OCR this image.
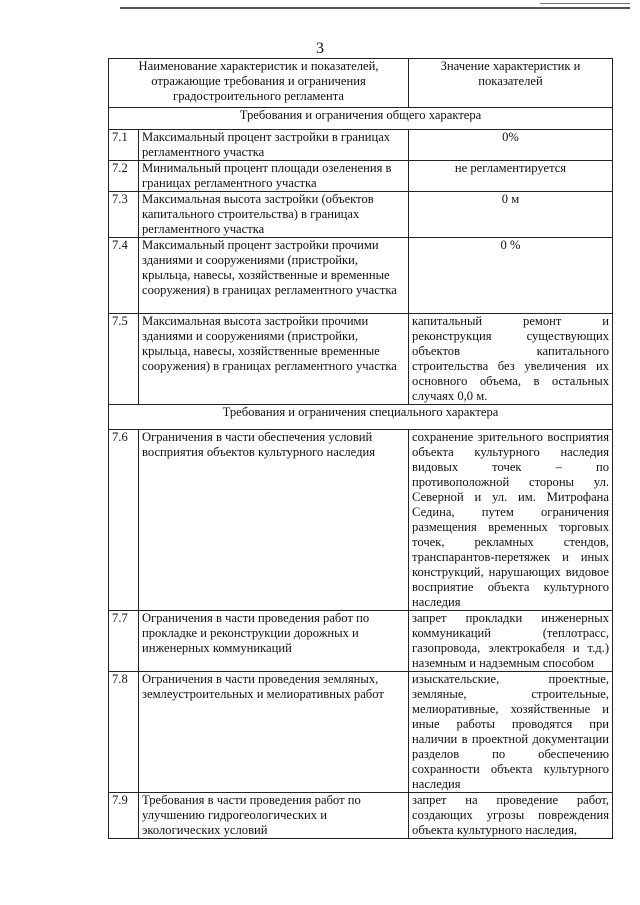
3
Наименование характеристик и показателей, отражающие требования и ограничения градостроительного регламента		Значение характеристик и показателей
Требования и ограничения общего характера		
7.1	Максимальный процент застройки в границах регламентного участка	0%
7.2	Минимальный процент площади озеленения в границах регламентного участка	не регламентируется
7.3	Максимальная высота застройки (объектов капитального строительства) в границах регламентного участка	0 м
7.4	Максимальный процент застройки прочими зданиями и сооружениями (пристройки, крыльца, навесы, хозяйственные и временные сооружения) в границах регламентного участка	0 %
7.5	Максимальная высота застройки прочими зданиями и сооружениями (пристройки, крыльца, навесы, хозяйственные временные сооружения) в границах регламентного участка	капитальный ремонт и реконструкция существующих объектов капитального строительства без увеличения их основного объема, в остальных случаях 0,0 м.
Требования и ограничения специального характера		
7.6	Ограничения в части обеспечения условий восприятия объектов культурного наследия	сохранение зрительного восприятия объекта культурного наследия видовых точек – по противоположной стороны ул. Северной и ул. им. Митрофана Седина, путем ограничения размещения временных торговых точек, рекламных стендов, транспарантов-перетяжек и иных конструкций, нарушающих видовое восприятие объекта культурного наследия
7.7	Ограничения в части проведения работ по прокладке и реконструкции дорожных и инженерных коммуникаций	запрет прокладки инженерных коммуникаций (теплотрасс, газопровода, электрокабеля и т.д.) наземным и надземным способом
7.8	Ограничения в части проведения земляных, землеустроительных и мелиоративных работ	изыскательские, проектные, земляные, строительные, мелиоративные, хозяйственные и иные работы проводятся при наличии в проектной документации разделов по обеспечению сохранности объекта культурного наследия
7.9	Требования в части проведения работ по улучшению гидрогеологических и экологических условий	запрет на проведение работ, создающих угрозы повреждения объекта культурного наследия,
